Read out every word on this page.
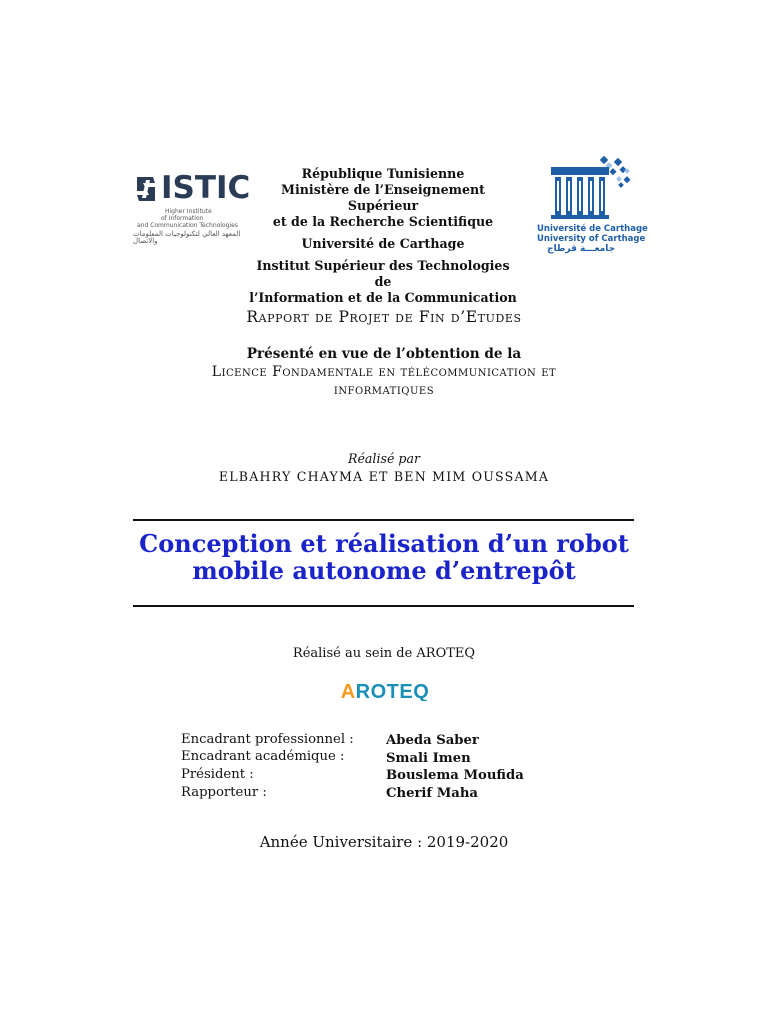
ISTIC
Higher Institute
of Information
and Communication Technologies
المعهد العالي لتكنولوجيات المعلومات والاتصال
République Tunisienne
Ministère de l’Enseignement Supérieur
et de la Recherche Scientifique
Université de Carthage
Institut Supérieur des Technologies de
l’Information et de la Communication
Université de Carthage
University of Carthage
جامعـــة قرطاج
Rapport de Projet de Fin d’Etudes
Présenté en vue de l’obtention de la
Licence Fondamentale en télécommunication et
informatiques
Réalisé par
ELBAHRY CHAYMA ET BEN MIM OUSSAMA
Conception et réalisation d’un robot
mobile autonome d’entrepôt
Réalisé au sein de AROTEQ
AROTEQ
Encadrant professionnel : Abeda Saber
Encadrant académique :	Smali Imen
Président :	Bouslema Moufida
Rapporteur :	Cherif Maha
Année Universitaire : 2019-2020
